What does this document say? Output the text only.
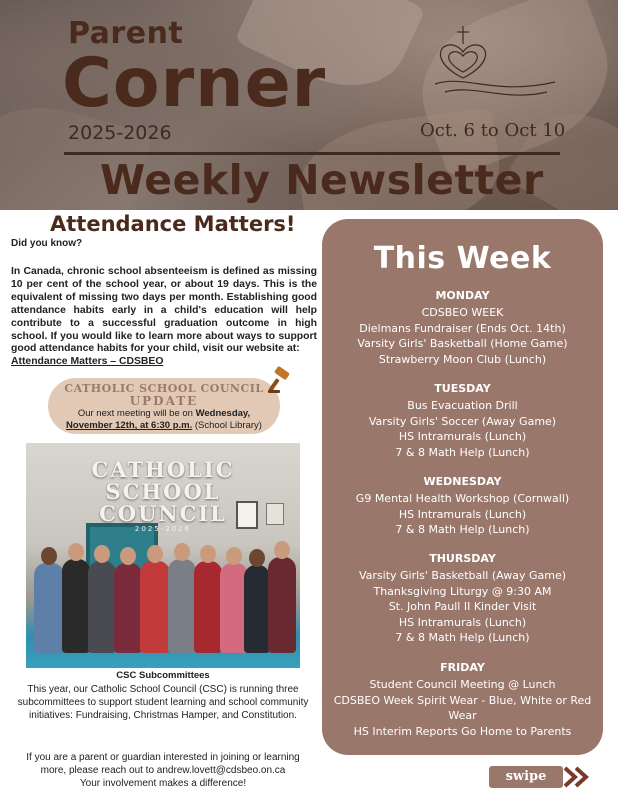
Parent
Corner
2025-2026	Oct. 6 to Oct 10
Weekly Newsletter
Attendance Matters!
Did you know?
In Canada, chronic school absenteeism is defined as missing 10 per cent of the school year, or about 19 days. This is the equivalent of missing two days per month. Establishing good attendance habits early in a child's education will help contribute to a successful graduation outcome in high school. If you would like to learn more about ways to support good attendance habits for your child, visit our website at:
Attendance Matters – CDSBEO
CATHOLIC SCHOOL COUNCIL
UPDATE
Our next meeting will be on Wednesday,
November 12th, at 6:30 p.m. (School Library)
CATHOLIC
SCHOOL
COUNCIL
2025-2026
CSC Subcommittees
This year, our Catholic School Council (CSC) is running three subcommittees to support student learning and school community initiatives: Fundraising, Christmas Hamper, and Constitution.
If you are a parent or guardian interested in joining or learning more, please reach out to andrew.lovett@cdsbeo.on.ca
Your involvement makes a difference!
This Week
MONDAY
CDSBEO WEEK
Dielmans Fundraiser (Ends Oct. 14th)
Varsity Girls' Basketball (Home Game)
Strawberry Moon Club (Lunch)
TUESDAY
Bus Evacuation Drill
Varsity Girls' Soccer (Away Game)
HS Intramurals (Lunch)
7 & 8 Math Help (Lunch)
WEDNESDAY
G9 Mental Health Workshop (Cornwall)
HS Intramurals (Lunch)
7 & 8 Math Help (Lunch)
THURSDAY
Varsity Girls' Basketball (Away Game)
Thanksgiving Liturgy @ 9:30 AM
St. John Paull II Kinder Visit
HS Intramurals (Lunch)
7 & 8 Math Help (Lunch)
FRIDAY
Student Council Meeting @ Lunch
CDSBEO Week Spirit Wear - Blue, White or Red Wear
HS Interim Reports Go Home to Parents
swipe
